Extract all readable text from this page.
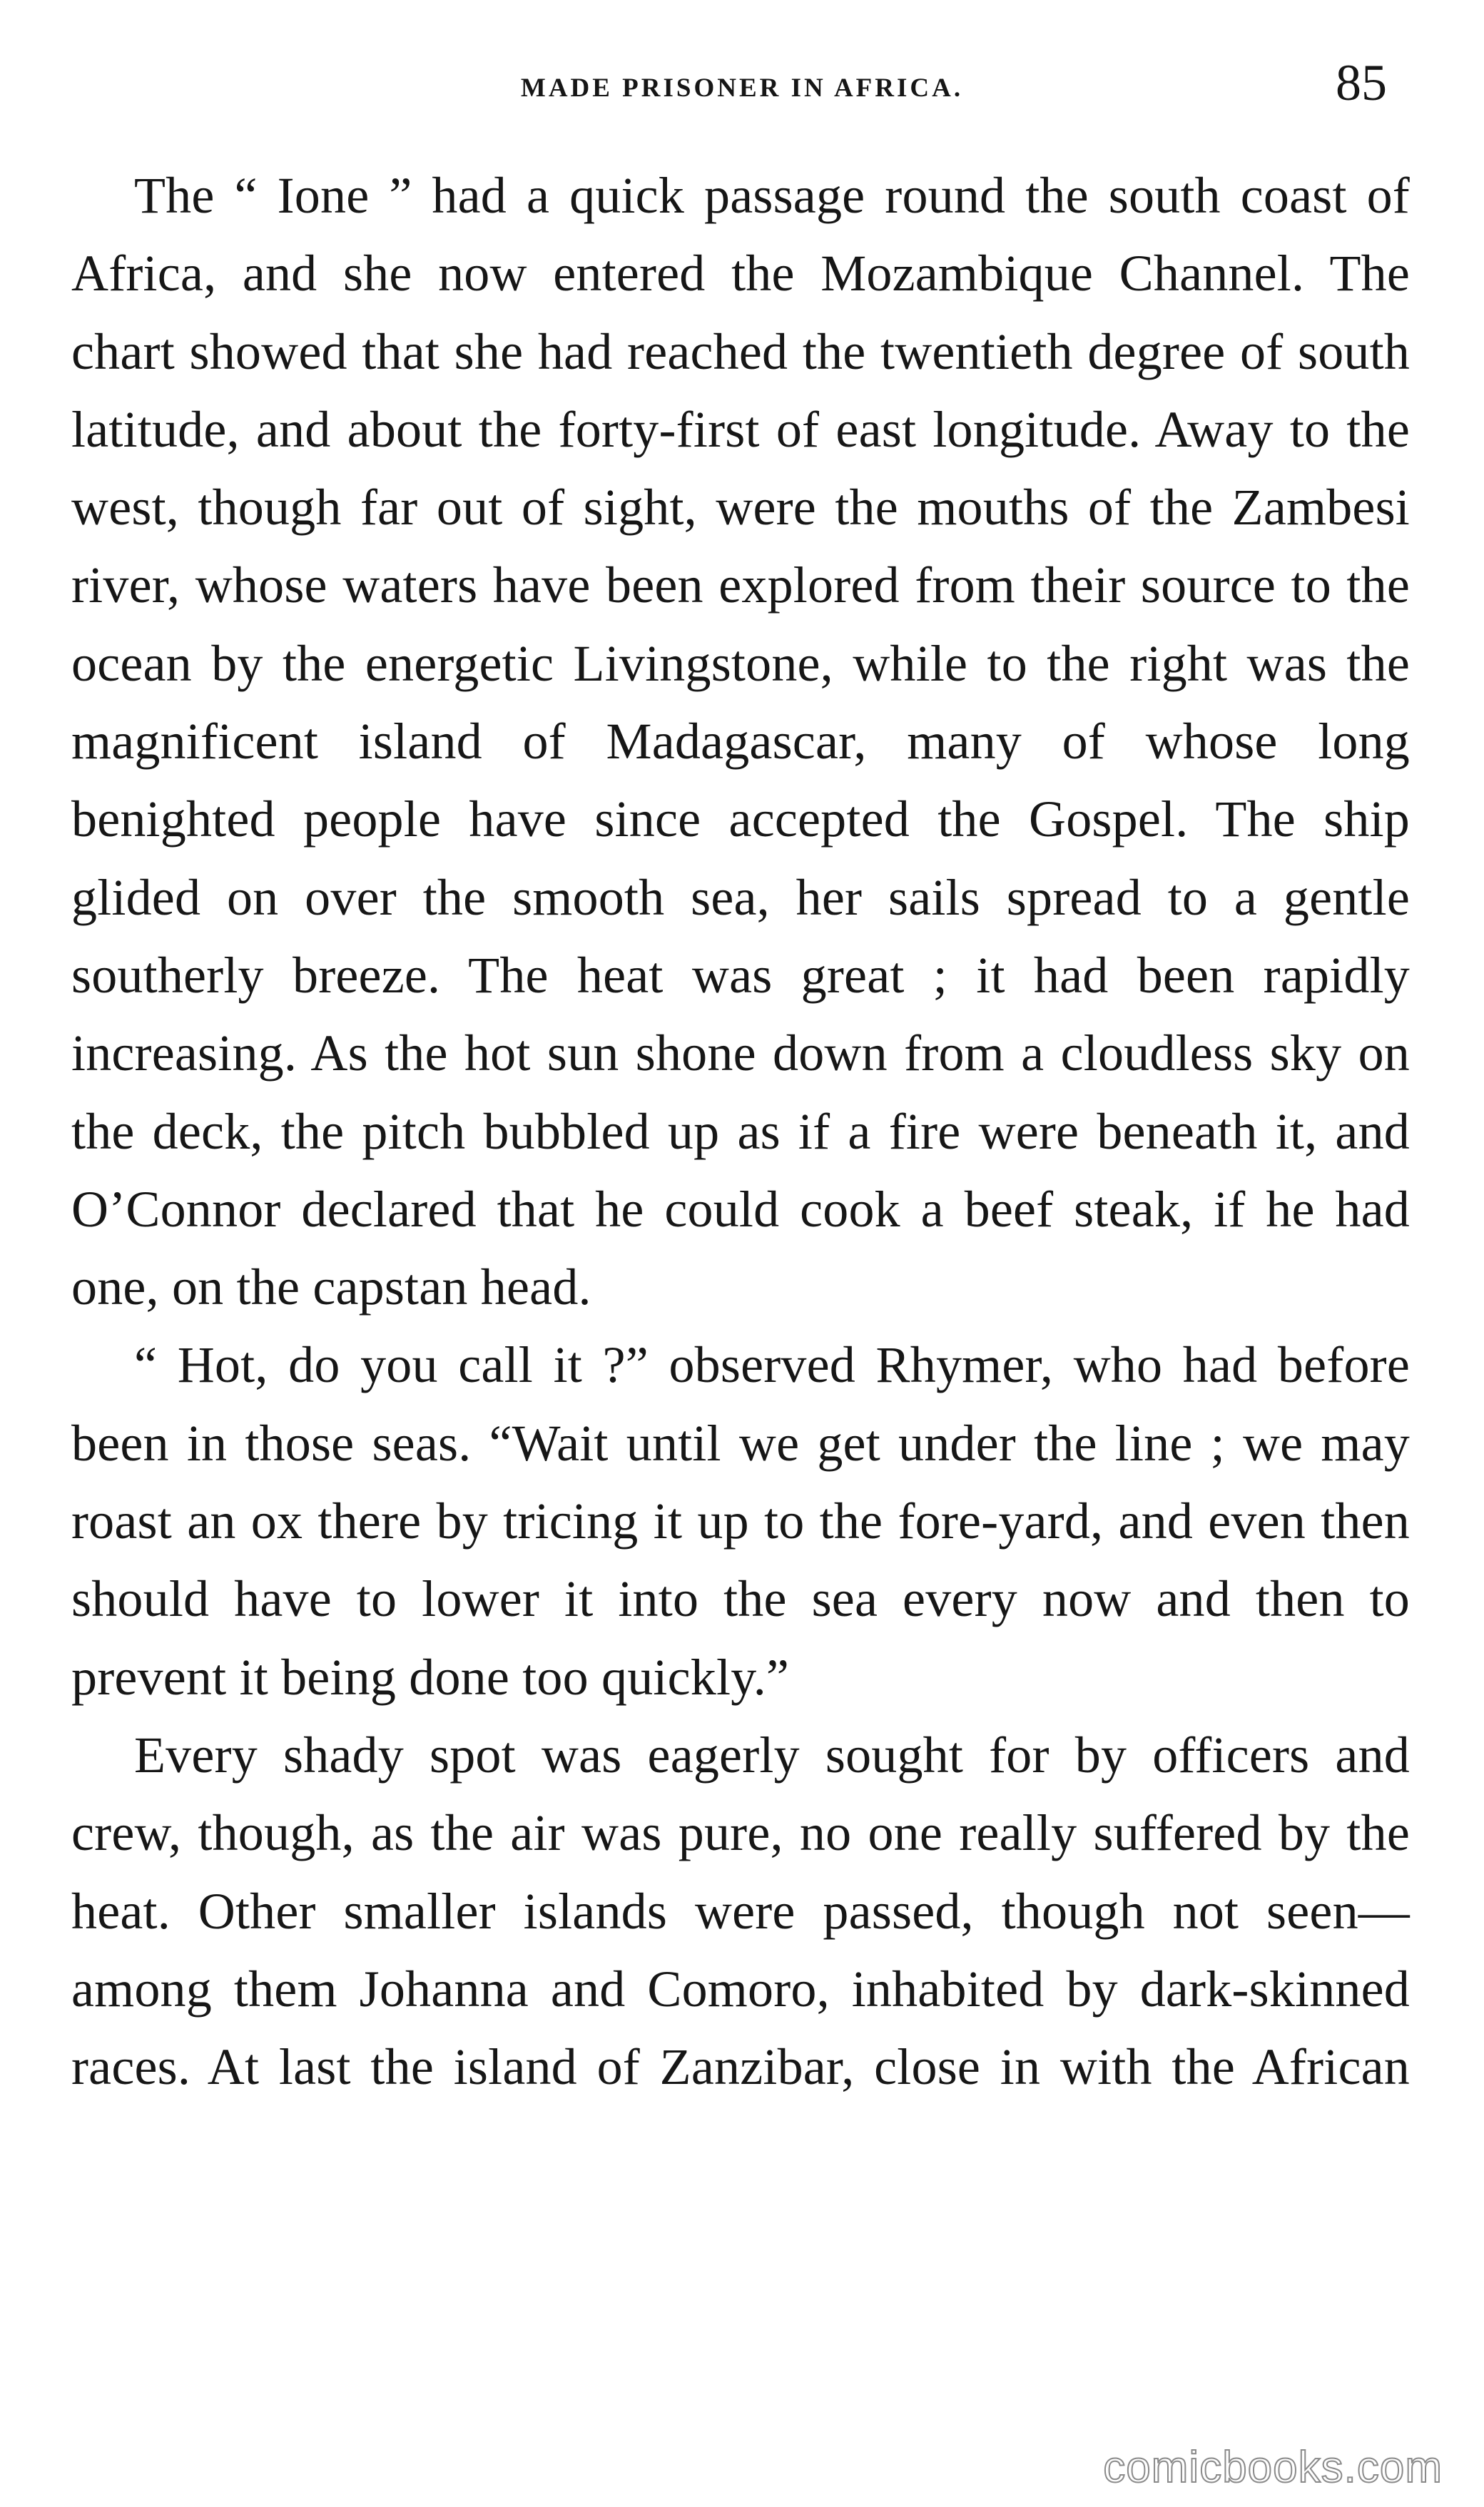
MADE PRISONER IN AFRICA.	85

The “ Ione ” had a quick passage round the south coast of Africa, and she now entered the Mozambique Channel. The chart showed that she had reached the twentieth degree of south latitude, and about the forty-first of east longitude. Away to the west, though far out of sight, were the mouths of the Zambesi river, whose waters have been explored from their source to the ocean by the energetic Livingstone, while to the right was the magnificent island of Madagascar, many of whose long benighted people have since accepted the Gospel. The ship glided on over the smooth sea, her sails spread to a gentle southerly breeze. The heat was great ; it had been rapidly increasing. As the hot sun shone down from a cloudless sky on the deck, the pitch bubbled up as if a fire were beneath it, and O’Connor declared that he could cook a beef steak, if he had one, on the capstan head.

“ Hot, do you call it ?” observed Rhymer, who had before been in those seas. “Wait until we get under the line ; we may roast an ox there by tricing it up to the fore-yard, and even then should have to lower it into the sea every now and then to prevent it being done too quickly.”

Every shady spot was eagerly sought for by officers and crew, though, as the air was pure, no one really suffered by the heat. Other smaller islands were passed, though not seen—among them Johanna and Comoro, inhabited by dark-skinned races. At last the island of Zanzibar, close in with the African

comicbooks.com
